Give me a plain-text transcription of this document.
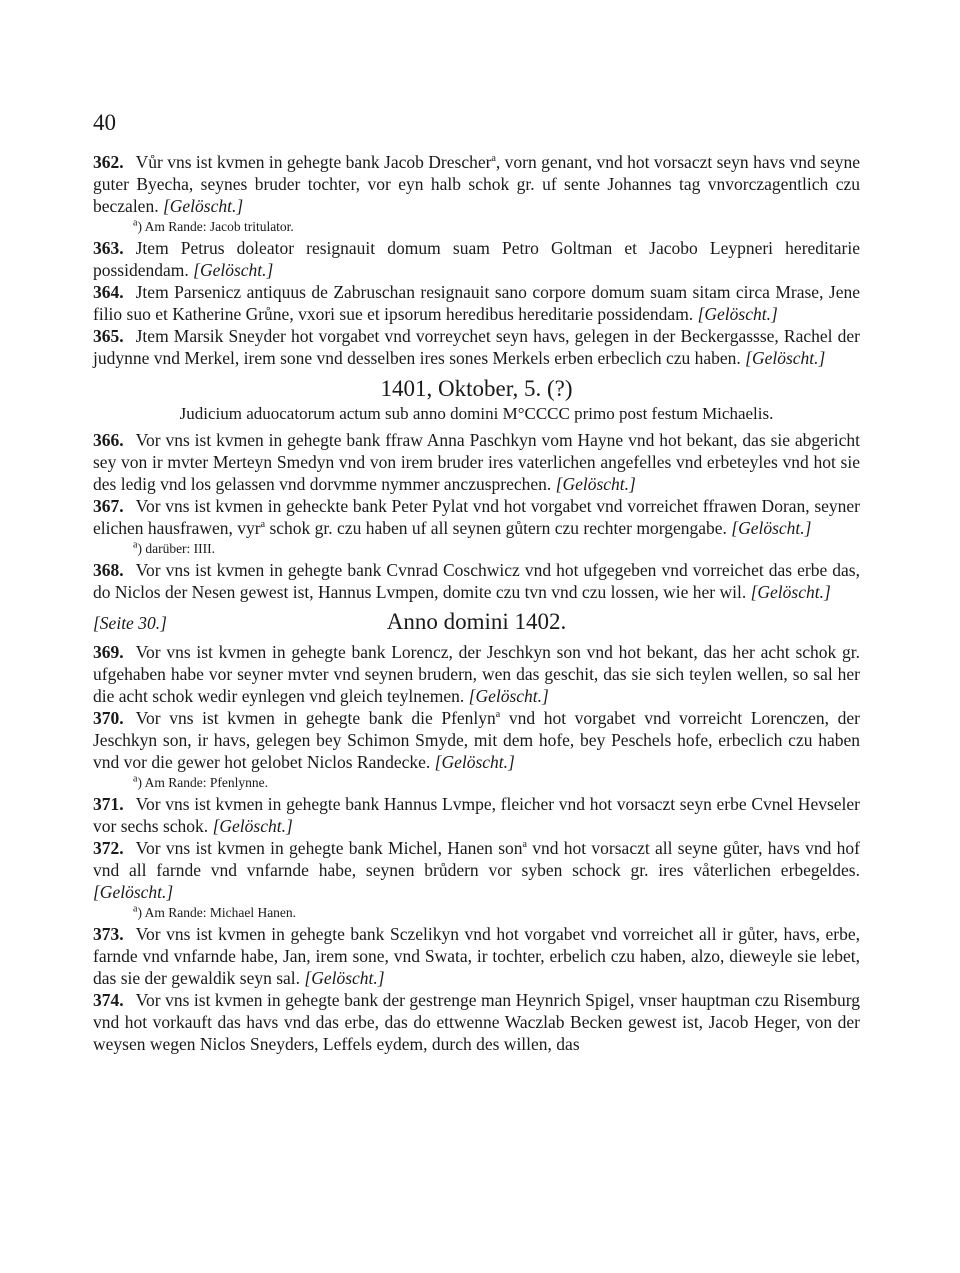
40

362. Vůr vns ist kvmen in gehegte bank Jacob Drescher$^a$, vorn genant, vnd hot vorsaczt seyn havs vnd seyne guter Byecha, seynes bruder tochter, vor eyn halb schok gr. uf sente Johannes tag vnvorczagentlich czu beczalen. [Gelöscht.]

$^a$) Am Rande: Jacob tritulator.

363. Jtem Petrus doleator resignauit domum suam Petro Goltman et Jacobo Leypneri hereditarie possidendam. [Gelöscht.]

364. Jtem Parsenicz antiquus de Zabruschan resignauit sano corpore domum suam sitam circa Mrase, Jene filio suo et Katherine Grůne, vxori sue et ipsorum heredibus hereditarie possidendam. [Gelöscht.]

365. Jtem Marsik Sneyder hot vorgabet vnd vorreychet seyn havs, gelegen in der Beckergassse, Rachel der judynne vnd Merkel, irem sone vnd desselben ires sones Merkels erben erbeclich czu haben. [Gelöscht.]

1401, Oktober, 5. (?)
Judicium aduocatorum actum sub anno domini M°CCCC primo post festum Michaelis.

366. Vor vns ist kvmen in gehegte bank ffraw Anna Paschkyn vom Hayne vnd hot bekant, das sie abgericht sey von ir mvter Merteyn Smedyn vnd von irem bruder ires vaterlichen angefelles vnd erbeteyles vnd hot sie des ledig vnd los gelassen vnd dorvmme nymmer anczusprechen. [Gelöscht.]

367. Vor vns ist kvmen in geheckte bank Peter Pylat vnd hot vorgabet vnd vorreichet ffrawen Doran, seyner elichen hausfrawen, vyr$^a$ schok gr. czu haben uf all seynen gůtern czu rechter morgengabe. [Gelöscht.]

$^a$) darüber: IIII.

368. Vor vns ist kvmen in gehegte bank Cvnrad Coschwicz vnd hot ufgegeben vnd vorreichet das erbe das, do Niclos der Nesen gewest ist, Hannus Lvmpen, domite czu tvn vnd czu lossen, wie her wil. [Gelöscht.]

[Seite 30.]	Anno domini 1402.

369. Vor vns ist kvmen in gehegte bank Lorencz, der Jeschkyn son vnd hot bekant, das her acht schok gr. ufgehaben habe vor seyner mvter vnd seynen brudern, wen das geschit, das sie sich teylen wellen, so sal her die acht schok wedir eynlegen vnd gleich teylnemen. [Gelöscht.]

370. Vor vns ist kvmen in gehegte bank die Pfenlyn$^a$ vnd hot vorgabet vnd vorreicht Lorenczen, der Jeschkyn son, ir havs, gelegen bey Schimon Smyde, mit dem hofe, bey Peschels hofe, erbeclich czu haben vnd vor die gewer hot gelobet Niclos Randecke. [Gelöscht.]

$^a$) Am Rande: Pfenlynne.

371. Vor vns ist kvmen in gehegte bank Hannus Lvmpe, fleicher vnd hot vorsaczt seyn erbe Cvnel Hevseler vor sechs schok. [Gelöscht.]

372. Vor vns ist kvmen in gehegte bank Michel, Hanen son$^a$ vnd hot vorsaczt all seyne gůter, havs vnd hof vnd all farnde vnd vnfarnde habe, seynen brůdern vor syben schock gr. ires våterlichen erbegeldes. [Gelöscht.]

$^a$) Am Rande: Michael Hanen.

373. Vor vns ist kvmen in gehegte bank Sczelikyn vnd hot vorgabet vnd vorreichet all ir gůter, havs, erbe, farnde vnd vnfarnde habe, Jan, irem sone, vnd Swata, ir tochter, erbelich czu haben, alzo, dieweyle sie lebet, das sie der gewaldik seyn sal. [Gelöscht.]

374. Vor vns ist kvmen in gehegte bank der gestrenge man Heynrich Spigel, vnser hauptman czu Risemburg vnd hot vorkauft das havs vnd das erbe, das do ettwenne Waczlab Becken gewest ist, Jacob Heger, von der weysen wegen Niclos Sneyders, Leffels eydem, durch des willen, das
